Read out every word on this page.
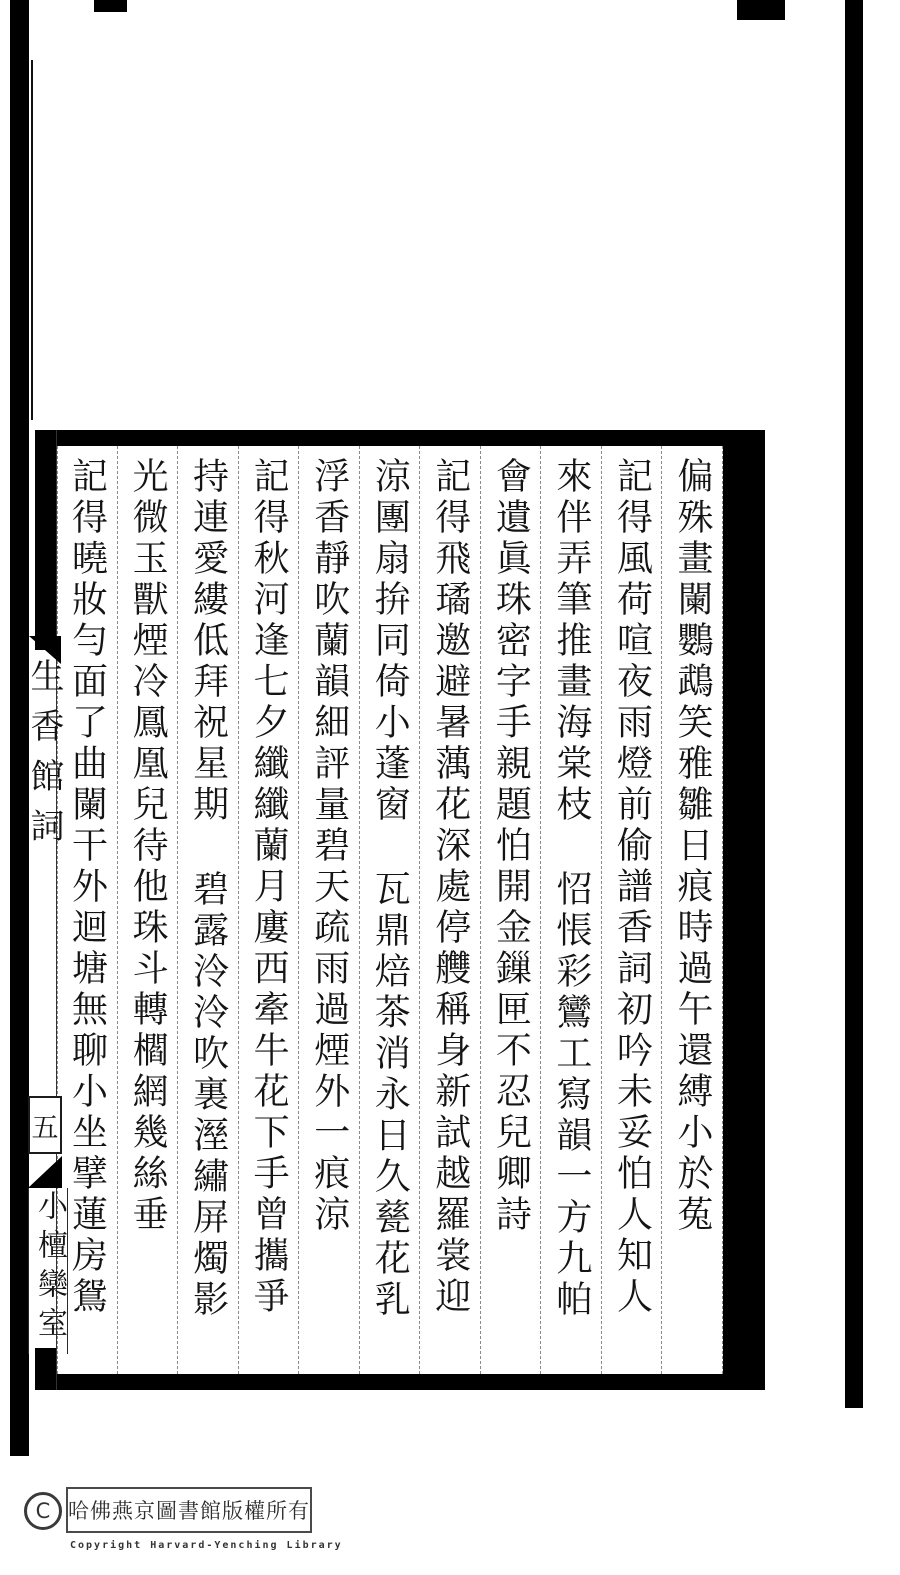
偏殊畫闌鸚鵡笑雅雛日痕時過午還縛小於菟
記得風荷喧夜雨燈前偷譜香詞初吟未妥怕人知人
來伴弄筆推畫海棠枝怊悵彩鸞工寫韻一方九帕
會遺眞珠密字手親題怕開金鏁匣不忍兒卿詩
記得飛璚邀避暑蕅花深處停艭稱身新試越羅裳迎
涼團扇拚同倚小蓬窗瓦鼎焙茶消永日久甆花乳
浮香靜吹蘭韻細評量碧天疏雨過煙外一痕涼
記得秋河逢七夕纖纖蘭月廔西牽牛花下手曾攜爭
持連愛縷低拜祝星期碧露泠泠吹裏溼繡屏燭影
光微玉獸煙冷鳳凰兒待他珠斗轉櫩網幾絲垂
記得曉妝勻面了曲闌干外迴塘無聊小坐擘蓮房鴛
生香館詞
五
小檀欒室
C 哈佛燕京圖書館版權所有
Copyright Harvard-Yenching Library
